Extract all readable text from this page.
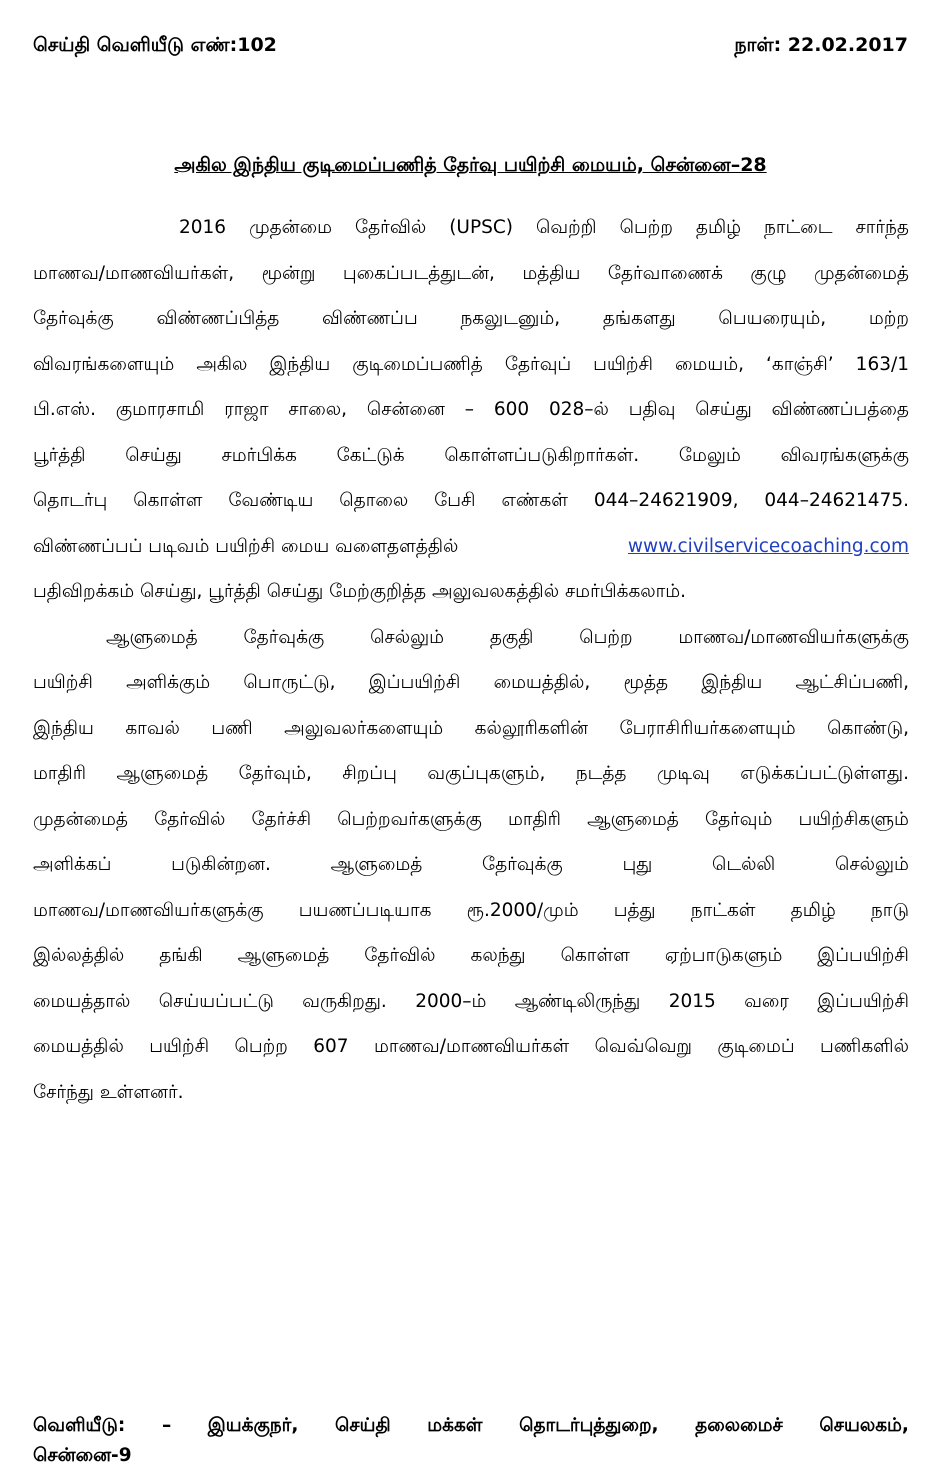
செய்தி வெளியீடு எண்:102	நாள்: 22.02.2017
அகில இந்திய குடிமைப்பணித் தேர்வு பயிற்சி மையம், சென்னை–28
2016 முதன்மை தேர்வில் (UPSC) வெற்றி பெற்ற தமிழ் நாட்டை சார்ந்த
மாணவ/மாணவியர்கள், மூன்று புகைப்படத்துடன், மத்திய தேர்வாணைக் குழு முதன்மைத்
தேர்வுக்கு விண்ணப்பித்த விண்ணப்ப நகலுடனும், தங்களது பெயரையும், மற்ற
விவரங்களையும் அகில இந்திய குடிமைப்பணித் தேர்வுப் பயிற்சி மையம், ‘காஞ்சி’ 163/1
பி.எஸ். குமாரசாமி ராஜா சாலை, சென்னை – 600 028–ல் பதிவு செய்து விண்ணப்பத்தை
பூர்த்தி செய்து சமர்பிக்க கேட்டுக் கொள்ளப்படுகிறார்கள். மேலும் விவரங்களுக்கு
தொடர்பு கொள்ள வேண்டிய தொலை பேசி எண்கள் 044–24621909, 044–24621475.
விண்ணப்பப் படிவம் பயிற்சி மைய வளைதளத்தில்	www.civilservicecoaching.com
பதிவிறக்கம் செய்து, பூர்த்தி செய்து மேற்குறித்த அலுவலகத்தில் சமர்பிக்கலாம்.
ஆளுமைத் தேர்வுக்கு செல்லும் தகுதி பெற்ற மாணவ/மாணவியர்களுக்கு
பயிற்சி அளிக்கும் பொருட்டு, இப்பயிற்சி மையத்தில், மூத்த இந்திய ஆட்சிப்பணி,
இந்திய காவல் பணி அலுவலர்களையும் கல்லூரிகளின் பேராசிரியர்களையும் கொண்டு,
மாதிரி ஆளுமைத் தேர்வும், சிறப்பு வகுப்புகளும், நடத்த முடிவு எடுக்கப்பட்டுள்ளது.
முதன்மைத் தேர்வில் தேர்ச்சி பெற்றவர்களுக்கு மாதிரி ஆளுமைத் தேர்வும் பயிற்சிகளும்
அளிக்கப்	படுகின்றன.	ஆளுமைத்	தேர்வுக்கு	புது	டெல்லி	செல்லும்
மாணவ/மாணவியர்களுக்கு பயணப்படியாக ரூ.2000/மும் பத்து நாட்கள் தமிழ் நாடு
இல்லத்தில் தங்கி ஆளுமைத் தேர்வில் கலந்து கொள்ள ஏற்பாடுகளும் இப்பயிற்சி
மையத்தால் செய்யப்பட்டு வருகிறது. 2000–ம் ஆண்டிலிருந்து 2015 வரை இப்பயிற்சி
மையத்தில் பயிற்சி பெற்ற 607 மாணவ/மாணவியர்கள் வெவ்வெறு குடிமைப் பணிகளில்
சேர்ந்து உள்ளனர்.
வெளியீடு: – இயக்குநர், செய்தி மக்கள் தொடர்புத்துறை, தலைமைச் செயலகம்,
சென்னை-9
